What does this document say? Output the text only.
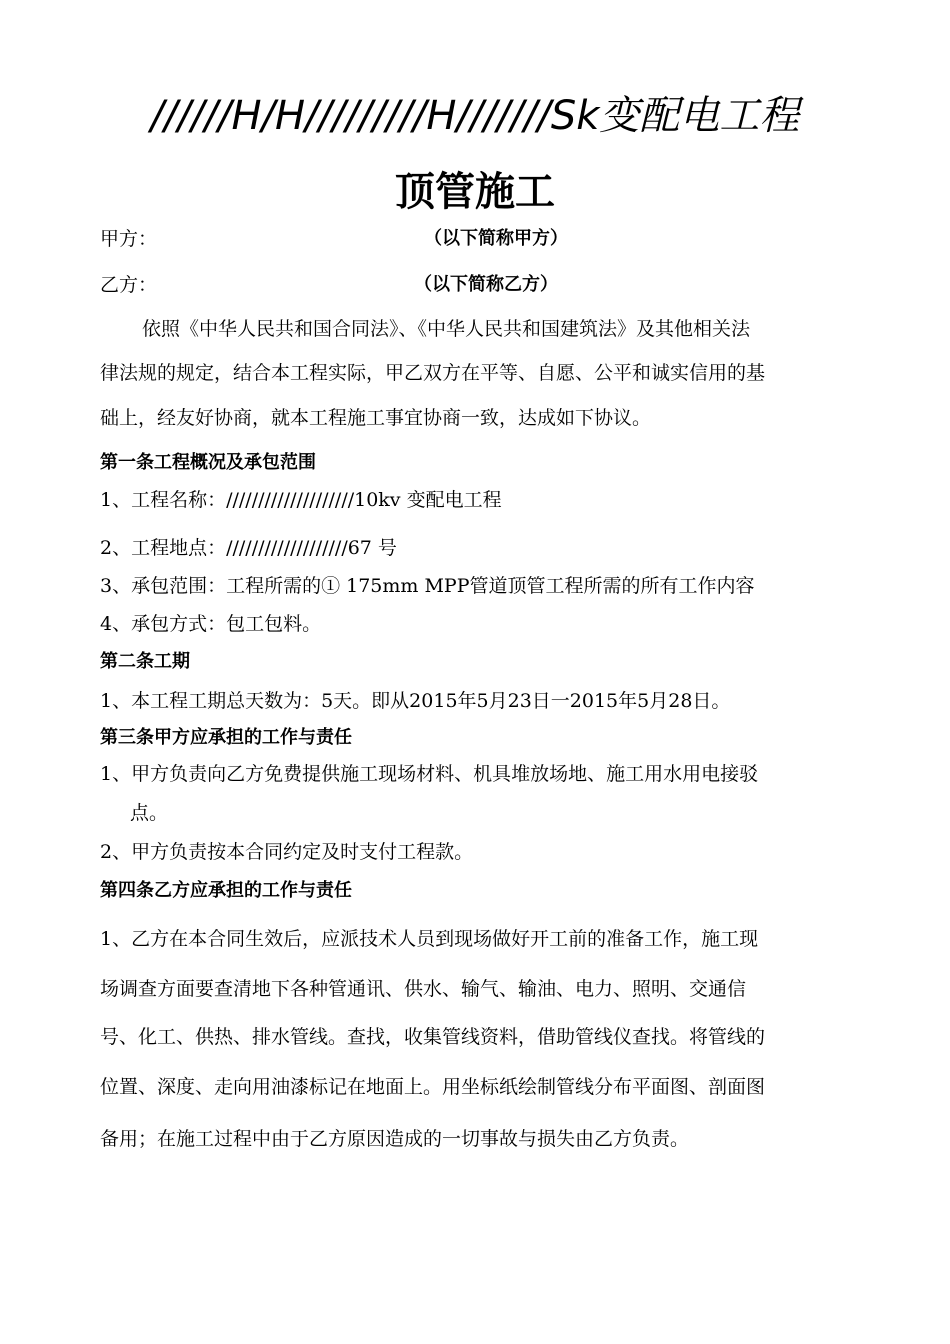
//////H/H/////////H///////Sk变配电工程
顶管施工
甲方：	（以下简称甲方）
乙方：	（以下简称乙方）
依照《中华人民共和国合同法》、《中华人民共和国建筑法》及其他相关法
律法规的规定，结合本工程实际，甲乙双方在平等、自愿、公平和诚实信用的基
础上，经友好协商，就本工程施工事宜协商一致，达成如下协议。
第一条工程概况及承包范围
1、工程名称：////////////////////10kv 变配电工程
2、工程地点：///////////////////67 号
3、承包范围：工程所需的① 175mm MPP管道顶管工程所需的所有工作内容
4、承包方式：包工包料。
第二条工期
1、本工程工期总天数为：5天。即从2015年5月23日一2015年5月28日。
第三条甲方应承担的工作与责任
1、甲方负责向乙方免费提供施工现场材料、机具堆放场地、施工用水用电接驳
点。
2、甲方负责按本合同约定及时支付工程款。
第四条乙方应承担的工作与责任
1、乙方在本合同生效后，应派技术人员到现场做好开工前的准备工作，施工现
场调查方面要查清地下各种管通讯、供水、输气、输油、电力、照明、交通信
号、化工、供热、排水管线。查找，收集管线资料，借助管线仪查找。将管线的
位置、深度、走向用油漆标记在地面上。用坐标纸绘制管线分布平面图、剖面图
备用；在施工过程中由于乙方原因造成的一切事故与损失由乙方负责。
